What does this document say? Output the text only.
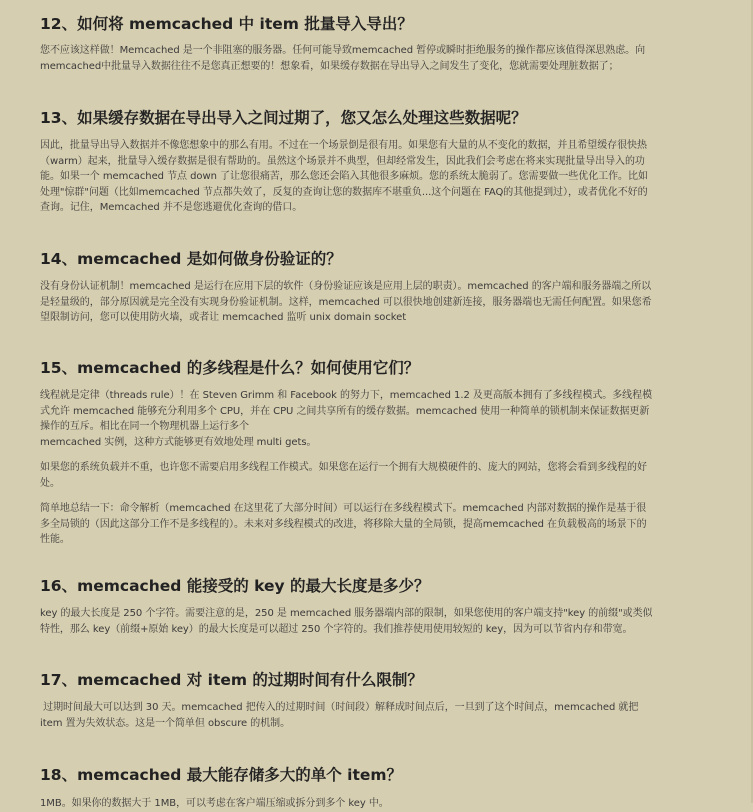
12、如何将 memcached 中 item 批量导入导出？

您不应该这样做！Memcached 是一个非阻塞的服务器。任何可能导致memcached 暂停或瞬时拒绝服务的操作都应该值得深思熟虑。向 memcached中批量导入数据往往不是您真正想要的！想象看，如果缓存数据在导出导入之间发生了变化，您就需要处理脏数据了；

13、如果缓存数据在导出导入之间过期了，您又怎么处理这些数据呢？

因此，批量导出导入数据并不像您想象中的那么有用。不过在一个场景倒是很有用。如果您有大量的从不变化的数据，并且希望缓存很快热（warm）起来，批量导入缓存数据是很有帮助的。虽然这个场景并不典型，但却经常发生，因此我们会考虑在将来实现批量导出导入的功能。如果一个 memcached 节点 down 了让您很痛苦，那么您还会陷入其他很多麻烦。您的系统太脆弱了。您需要做一些优化工作。比如处理"惊群"问题（比如memcached 节点都失效了，反复的查询让您的数据库不堪重负...这个问题在 FAQ的其他提到过），或者优化不好的查询。记住，Memcached 并不是您逃避优化查询的借口。

14、memcached 是如何做身份验证的？

没有身份认证机制！memcached 是运行在应用下层的软件（身份验证应该是应用上层的职责）。memcached 的客户端和服务器端之所以是轻量级的，部分原因就是完全没有实现身份验证机制。这样，memcached 可以很快地创建新连接，服务器端也无需任何配置。如果您希望限制访问，您可以使用防火墙，或者让 memcached 监听 unix domain socket

15、memcached 的多线程是什么？如何使用它们？

线程就是定律（threads rule）！在 Steven Grimm 和 Facebook 的努力下，memcached 1.2 及更高版本拥有了多线程模式。多线程模式允许 memcached 能够充分利用多个 CPU，并在 CPU 之间共享所有的缓存数据。memcached 使用一种简单的锁机制来保证数据更新操作的互斥。相比在同一个物理机器上运行多个
memcached 实例，这种方式能够更有效地处理 multi gets。

如果您的系统负载并不重，也许您不需要启用多线程工作模式。如果您在运行一个拥有大规模硬件的、庞大的网站，您将会看到多线程的好处。

简单地总结一下：命令解析（memcached 在这里花了大部分时间）可以运行在多线程模式下。memcached 内部对数据的操作是基于很多全局锁的（因此这部分工作不是多线程的）。未来对多线程模式的改进，将移除大量的全局锁，提高memcached 在负载极高的场景下的性能。

16、memcached 能接受的 key 的最大长度是多少？

key 的最大长度是 250 个字符。需要注意的是，250 是 memcached 服务器端内部的限制，如果您使用的客户端支持"key 的前缀"或类似特性，那么 key（前缀+原始 key）的最大长度是可以超过 250 个字符的。我们推荐使用使用较短的 key，因为可以节省内存和带宽。

17、memcached 对 item 的过期时间有什么限制？

过期时间最大可以达到 30 天。memcached 把传入的过期时间（时间段）解释成时间点后，一旦到了这个时间点，memcached 就把 item 置为失效状态。这是一个简单但 obscure 的机制。

18、memcached 最大能存储多大的单个 item？

1MB。如果你的数据大于 1MB，可以考虑在客户端压缩或拆分到多个 key 中。
